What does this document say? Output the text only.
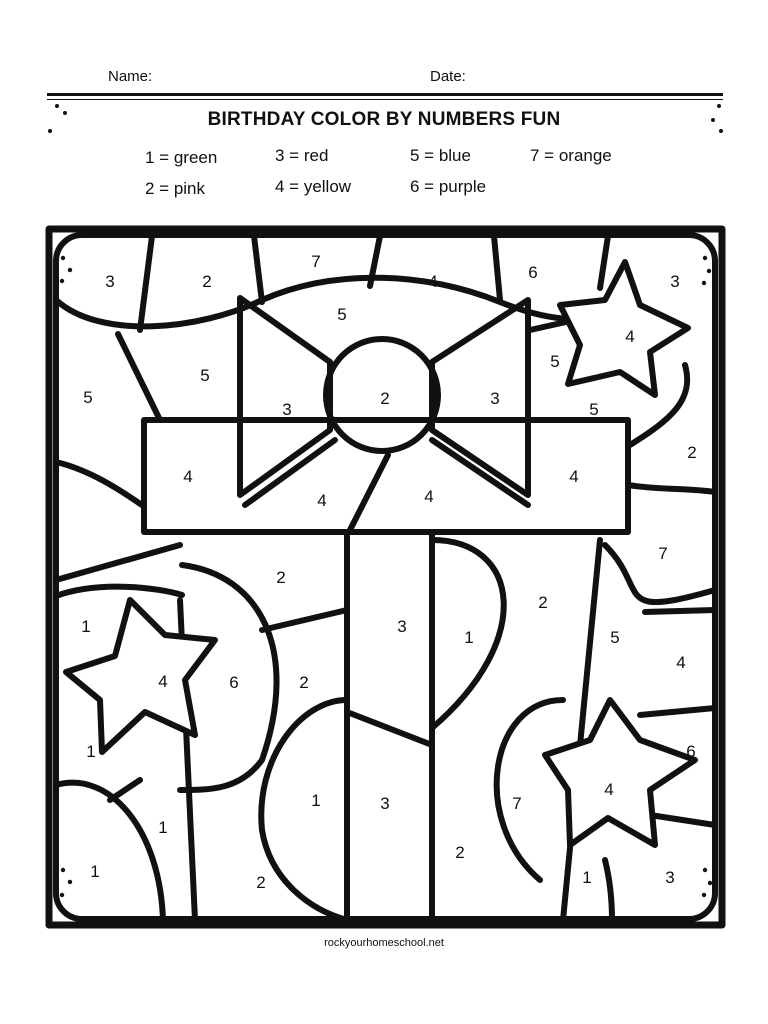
Name:	Date:
BIRTHDAY COLOR BY NUMBERS FUN
1 = green
2 = pink
3 = red
4 = yellow
5 = blue
6 = purple
7 = orange
3	2
7
4	6	3
5
4
5
5
3
2	3
5
2
4
4	4
4
5
7
2
2
3
1
5
1
4	6	2
4
1	6
1	3	7
4
1
2
1
2	1	3
rockyourhomeschool.net
